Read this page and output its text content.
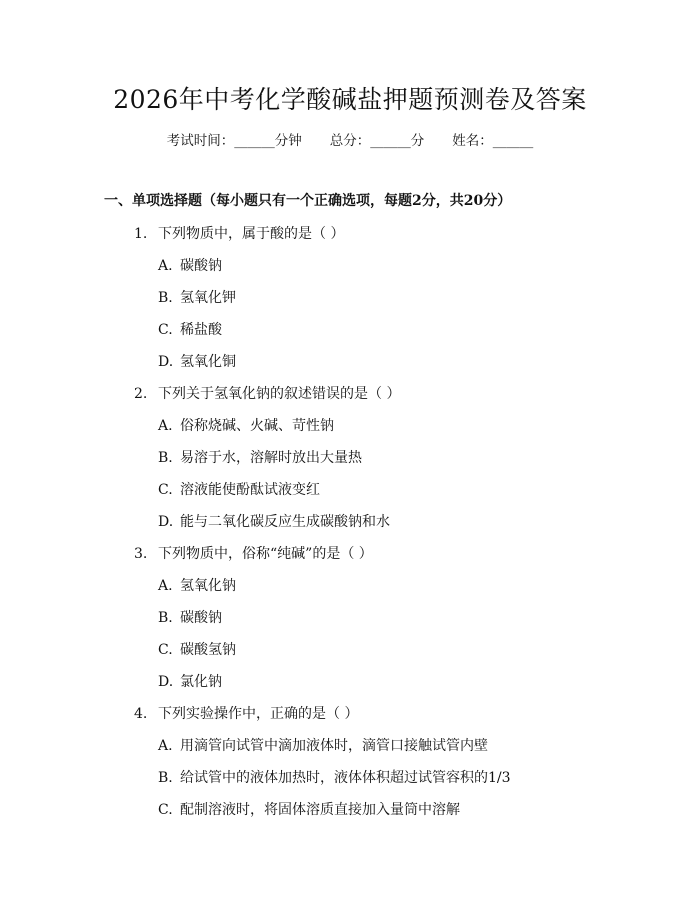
2026年中考化学酸碱盐押题预测卷及答案
考试时间：______分钟 总分：______分 姓名：______
一、单项选择题（每小题只有一个正确选项，每题2分，共20分）
1. 下列物质中，属于酸的是（ ）
A. 碳酸钠
B. 氢氧化钾
C. 稀盐酸
D. 氢氧化铜
2. 下列关于氢氧化钠的叙述错误的是（ ）
A. 俗称烧碱、火碱、苛性钠
B. 易溶于水，溶解时放出大量热
C. 溶液能使酚酞试液变红
D. 能与二氧化碳反应生成碳酸钠和水
3. 下列物质中，俗称“纯碱”的是（ ）
A. 氢氧化钠
B. 碳酸钠
C. 碳酸氢钠
D. 氯化钠
4. 下列实验操作中，正确的是（ ）
A. 用滴管向试管中滴加液体时，滴管口接触试管内壁
B. 给试管中的液体加热时，液体体积超过试管容积的1/3
C. 配制溶液时，将固体溶质直接加入量筒中溶解
